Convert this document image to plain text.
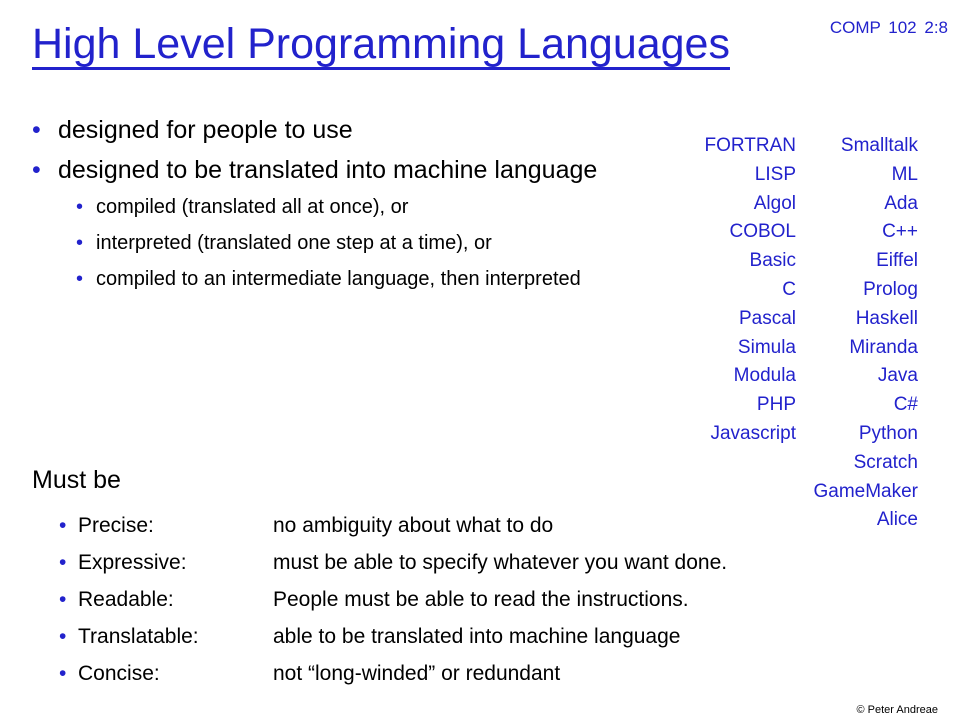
COMP 102 2:8
High Level Programming Languages
• designed for people to use
• designed to be translated into machine language
• compiled (translated all at once), or
• interpreted (translated one step at a time), or
• compiled to an intermediate language, then interpreted
FORTRAN
LISP
Algol
COBOL
Basic
C
Pascal
Simula
Modula
PHP
Javascript
Smalltalk
ML
Ada
C++
Eiffel
Prolog
Haskell
Miranda
Java
C#
Python
Scratch
GameMaker
Alice
Must be
• Precise:	no ambiguity about what to do
• Expressive:	must be able to specify whatever you want done.
• Readable:	People must be able to read the instructions.
• Translatable:	able to be translated into machine language
• Concise:	not “long-winded” or redundant
© Peter Andreae
